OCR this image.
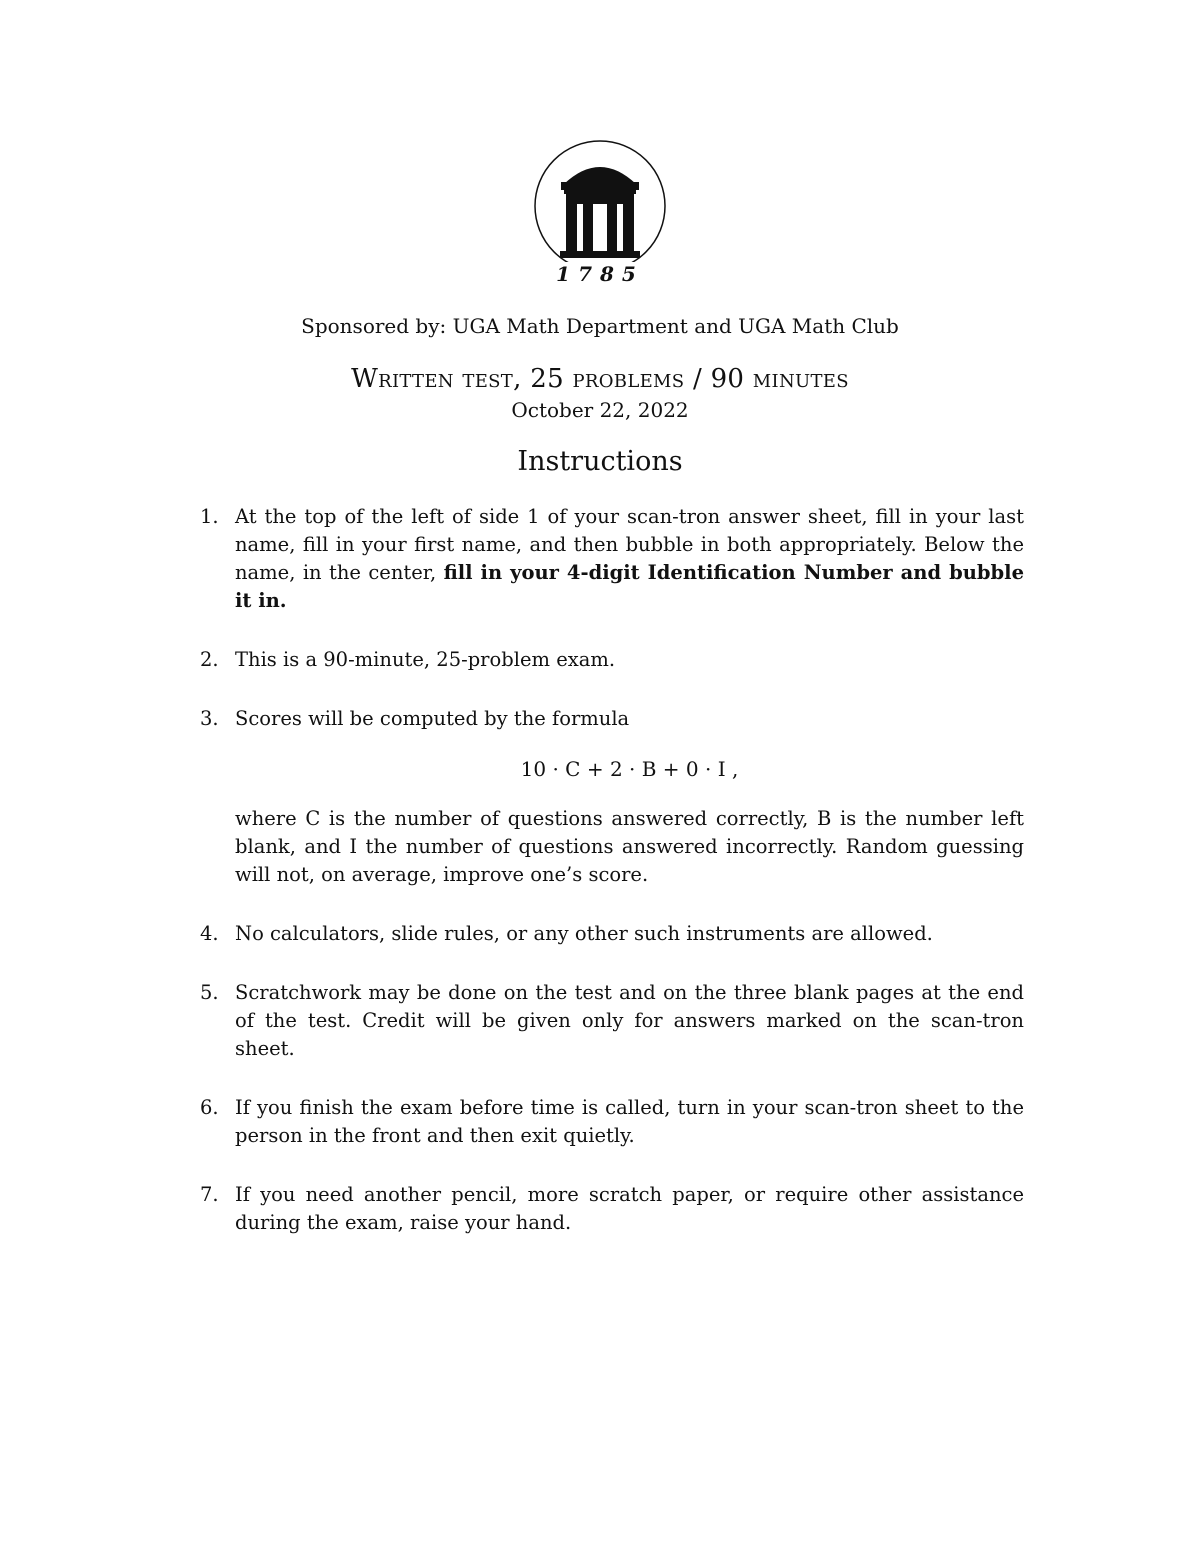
1785
Sponsored by: UGA Math Department and UGA Math Club
Written test, 25 problems / 90 minutes
October 22, 2022
Instructions
1. At the top of the left of side 1 of your scan-tron answer sheet, fill in your last name, fill in your first name, and then bubble in both appropriately. Below the name, in the center, fill in your 4-digit Identification Number and bubble it in.
2. This is a 90-minute, 25-problem exam.
3. Scores will be computed by the formula
10 · C + 2 · B + 0 · I ,
where C is the number of questions answered correctly, B is the number left blank, and I the number of questions answered incorrectly. Random guessing will not, on average, improve one’s score.
4. No calculators, slide rules, or any other such instruments are allowed.
5. Scratchwork may be done on the test and on the three blank pages at the end of the test. Credit will be given only for answers marked on the scan-tron sheet.
6. If you finish the exam before time is called, turn in your scan-tron sheet to the person in the front and then exit quietly.
7. If you need another pencil, more scratch paper, or require other assistance during the exam, raise your hand.
